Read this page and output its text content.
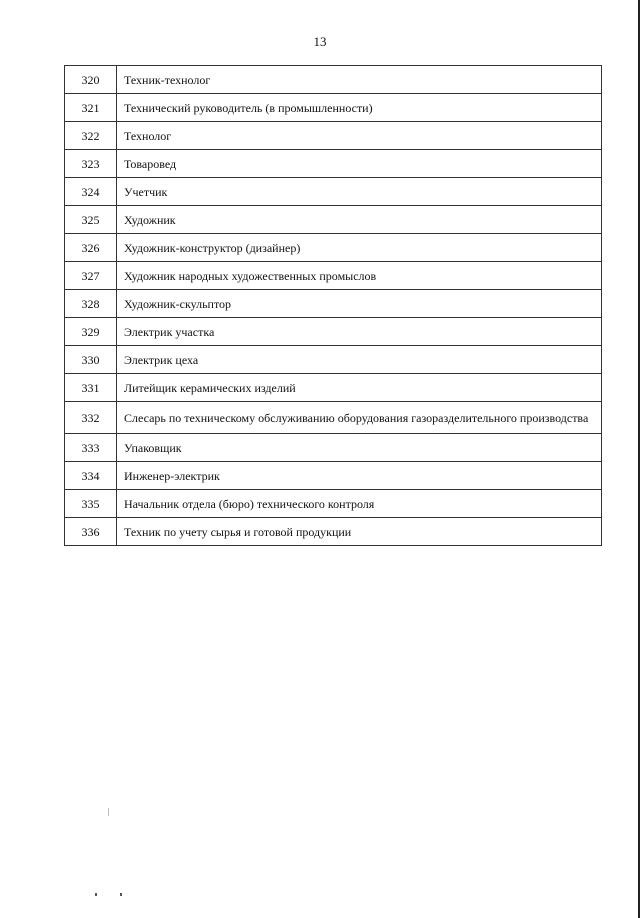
13
320	Техник-технолог
321	Технический руководитель (в промышленности)
322	Технолог
323	Товаровед
324	Учетчик
325	Художник
326	Художник-конструктор (дизайнер)
327	Художник народных художественных промыслов
328	Художник-скульптор
329	Электрик участка
330	Электрик цеха
331	Литейщик керамических изделий
332	Слесарь по техническому обслуживанию оборудования газоразделительного производства
333	Упаковщик
334	Инженер-электрик
335	Начальник отдела (бюро) технического контроля
336	Техник по учету сырья и готовой продукции
